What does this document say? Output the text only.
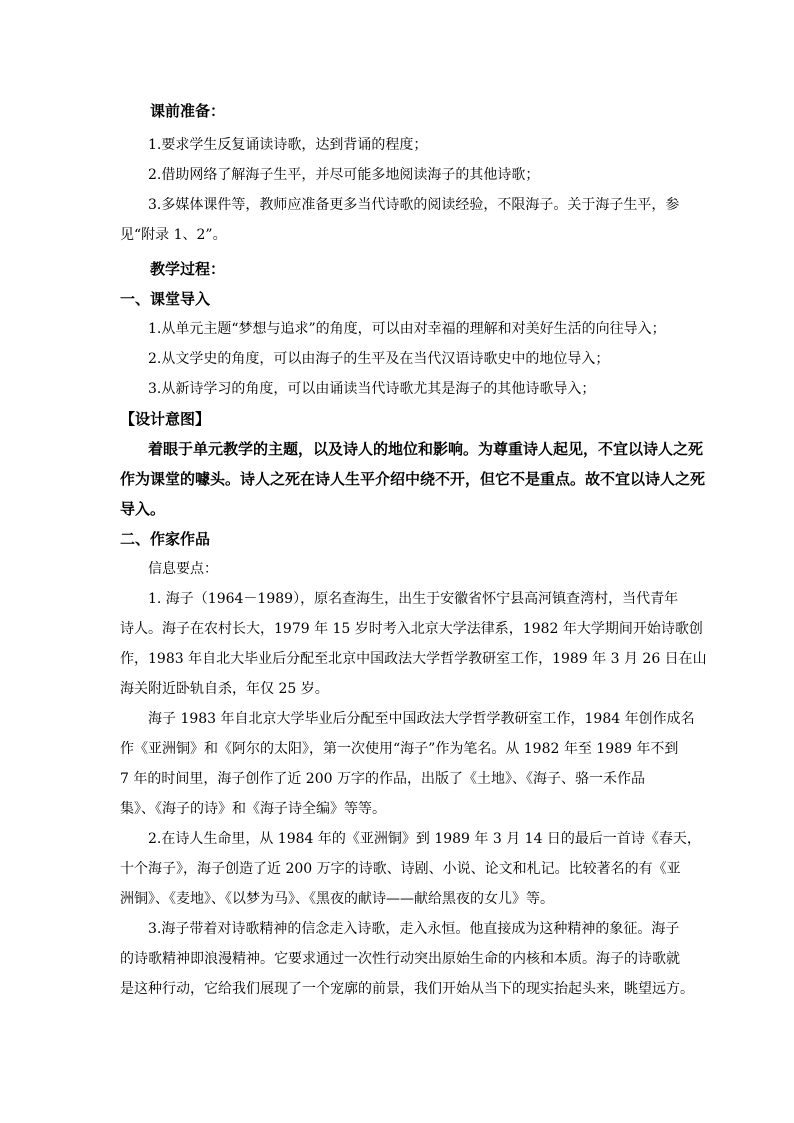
课前准备：

1.要求学生反复诵读诗歌，达到背诵的程度；

2.借助网络了解海子生平，并尽可能多地阅读海子的其他诗歌；

3.多媒体课件等，教师应准备更多当代诗歌的阅读经验，不限海子。关于海子生平，参

见“附录 1、2”。

教学过程：

一、课堂导入

1.从单元主题“梦想与追求”的角度，可以由对幸福的理解和对美好生活的向往导入；

2.从文学史的角度，可以由海子的生平及在当代汉语诗歌史中的地位导入；

3.从新诗学习的角度，可以由诵读当代诗歌尤其是海子的其他诗歌导入；

【设计意图】

着眼于单元教学的主题，以及诗人的地位和影响。为尊重诗人起见，不宜以诗人之死

作为课堂的噱头。诗人之死在诗人生平介绍中绕不开，但它不是重点。故不宜以诗人之死

导入。

二、作家作品

信息要点：

1. 海子（1964－1989），原名查海生，出生于安徽省怀宁县高河镇查湾村，当代青年

诗人。海子在农村长大，1979 年 15 岁时考入北京大学法律系，1982 年大学期间开始诗歌创

作，1983 年自北大毕业后分配至北京中国政法大学哲学教研室工作，1989 年 3 月 26 日在山

海关附近卧轨自杀，年仅 25 岁。

海子 1983 年自北京大学毕业后分配至中国政法大学哲学教研室工作，1984 年创作成名

作《亚洲铜》和《阿尔的太阳》，第一次使用“海子”作为笔名。从 1982 年至 1989 年不到

7 年的时间里，海子创作了近 200 万字的作品，出版了《土地》、《海子、骆一禾作品

集》、《海子的诗》和《海子诗全编》等等。

2.在诗人生命里，从 1984 年的《亚洲铜》到 1989 年 3 月 14 日的最后一首诗《春天，

十个海子》，海子创造了近 200 万字的诗歌、诗剧、小说、论文和札记。比较著名的有《亚

洲铜》、《麦地》、《以梦为马》、《黑夜的献诗——献给黑夜的女儿》等。

3.海子带着对诗歌精神的信念走入诗歌，走入永恒。他直接成为这种精神的象征。海子

的诗歌精神即浪漫精神。它要求通过一次性行动突出原始生命的内核和本质。海子的诗歌就

是这种行动，它给我们展现了一个宠廓的前景，我们开始从当下的现实抬起头来，眺望远方。
